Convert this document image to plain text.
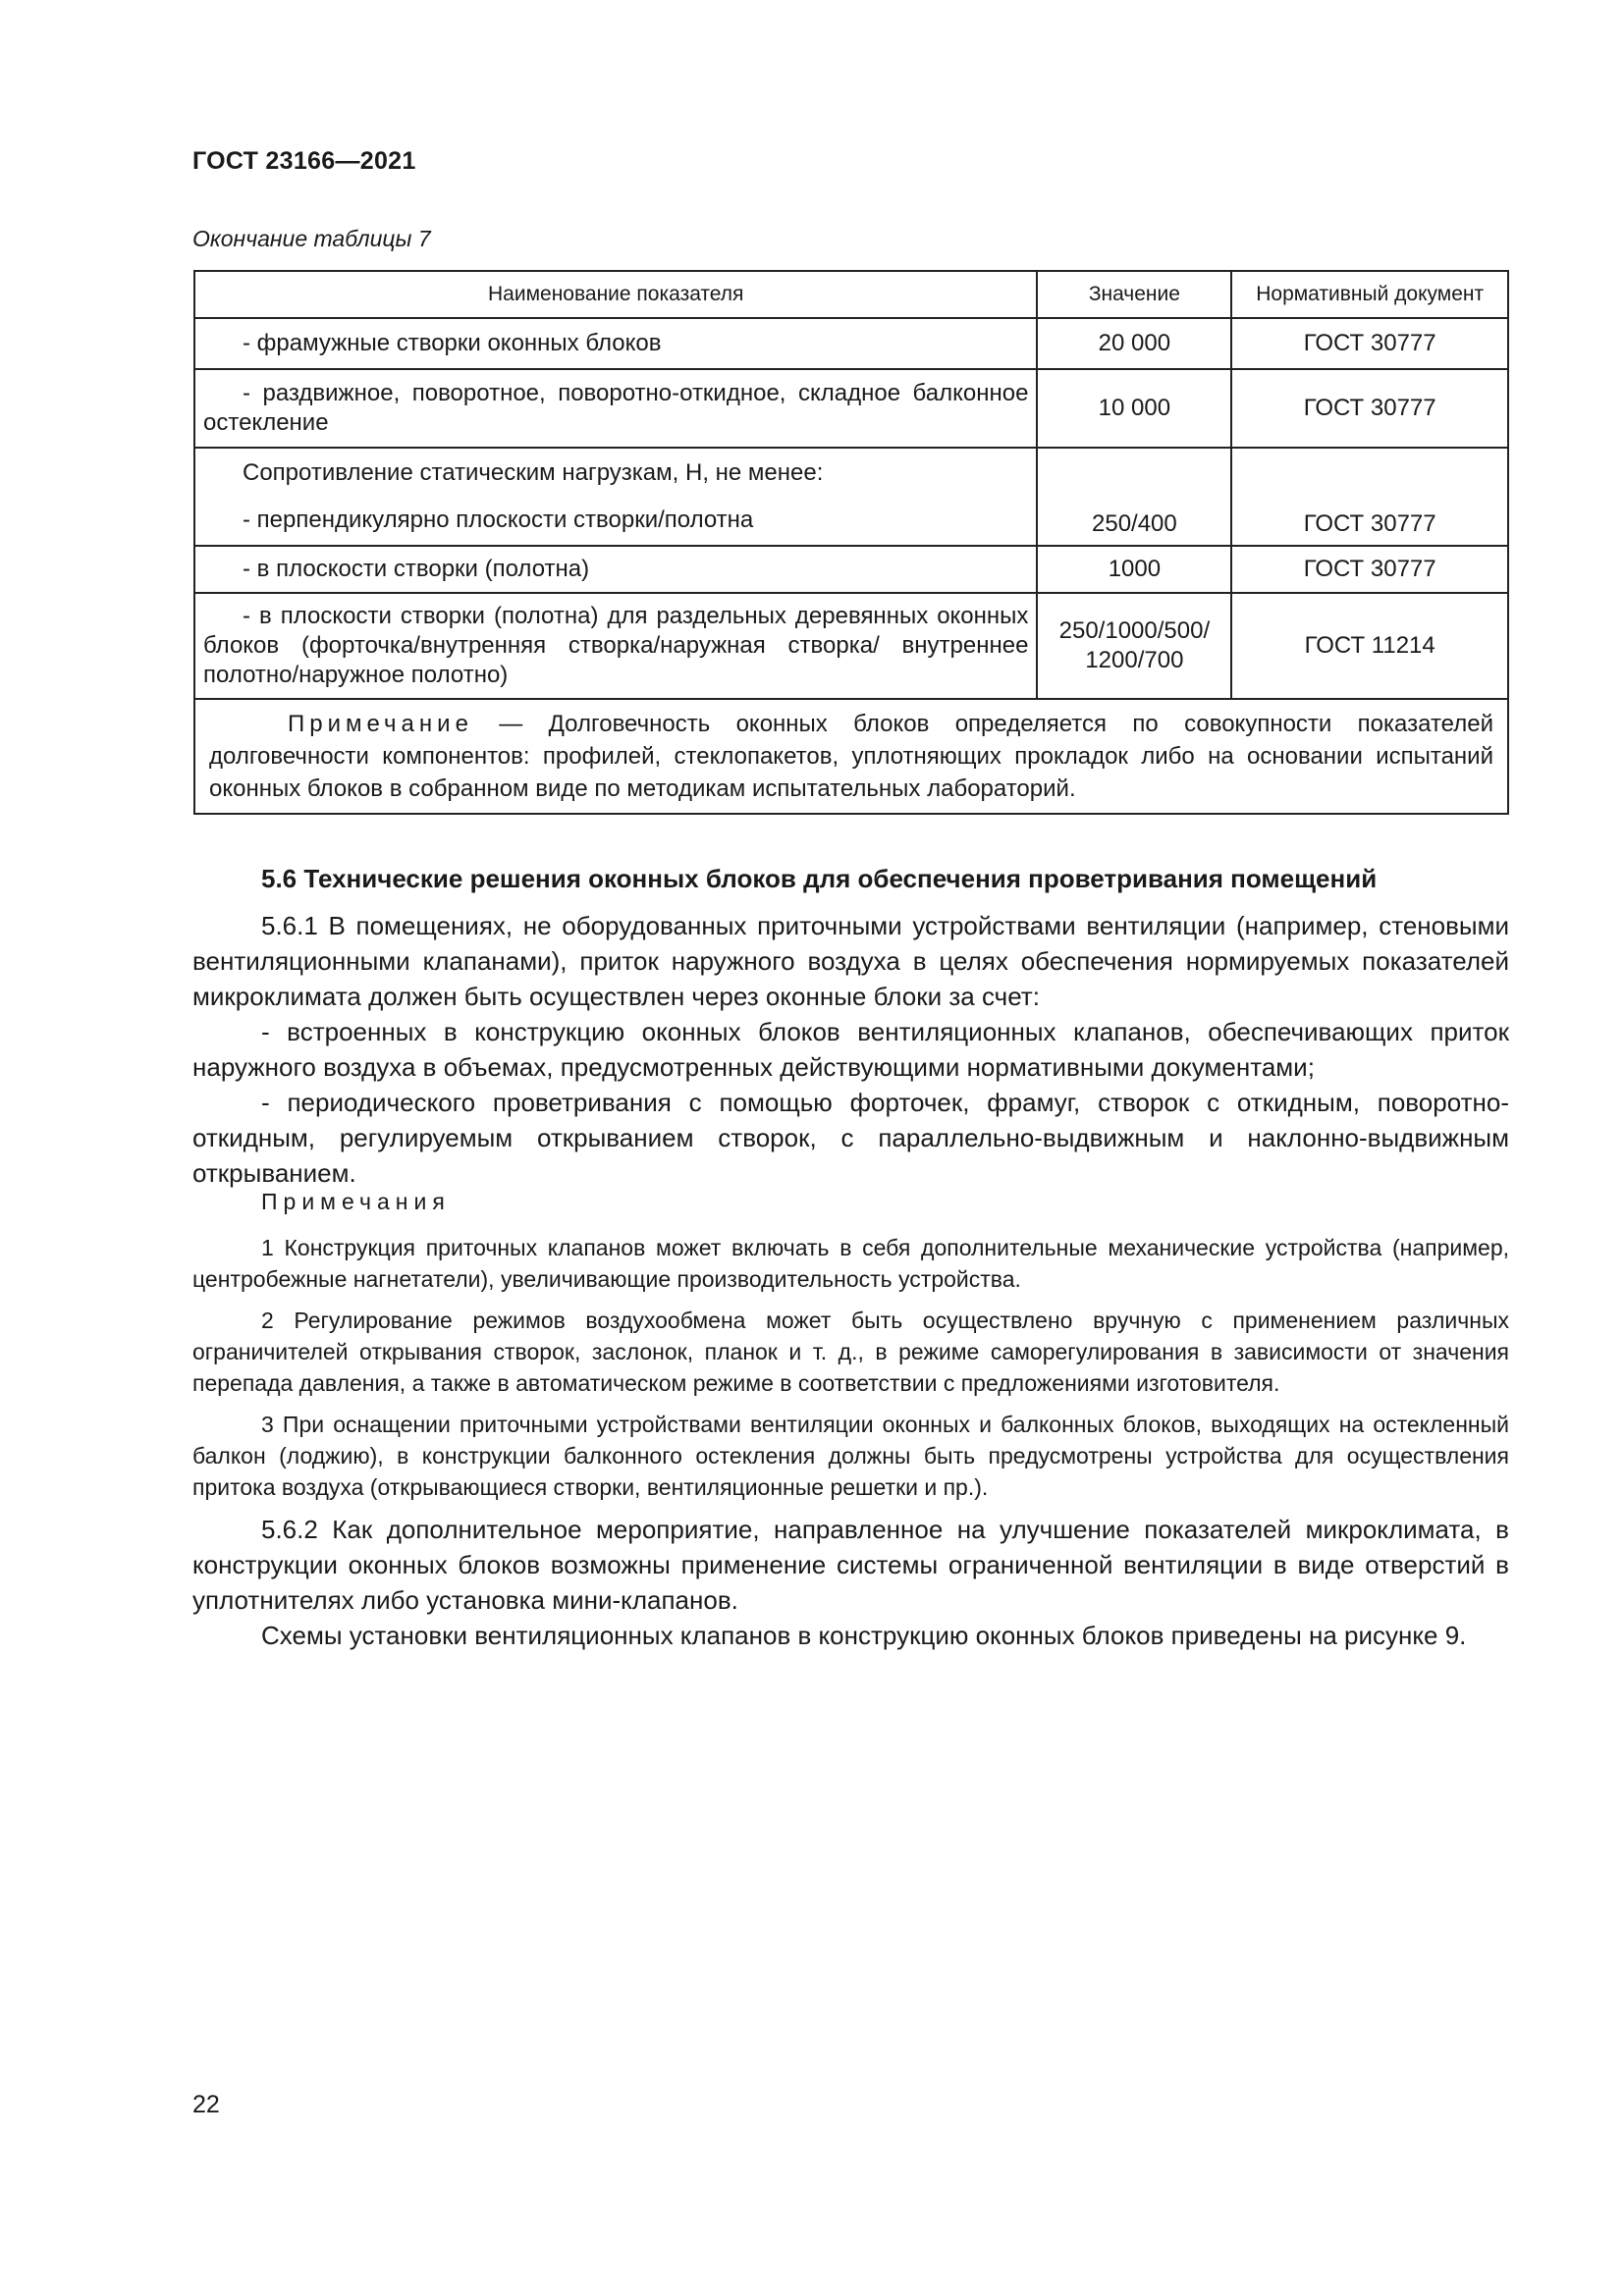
ГОСТ 23166—2021
Окончание таблицы 7
Наименование показателя	Значение	Нормативный документ
- фрамужные створки оконных блоков	20 000	ГОСТ 30777

- раздвижное, поворотное, поворотно-откидное, складное балконное остекление	10 000	ГОСТ 30777

Сопротивление статическим нагрузкам, Н, не менее:
- перпендикулярно плоскости створки/полотна	250/400	ГОСТ 30777
- в плоскости створки (полотна)	1000	ГОСТ 30777

- в плоскости створки (полотна) для раздельных деревянных оконных блоков (форточка/внутренняя створка/наружная створка/ внутреннее полотно/наружное полотно)	250/1000/500/ 1200/700	ГОСТ 11214
Примечание — Долговечность оконных блоков определяется по совокупности показателей долговечности компонентов: профилей, стеклопакетов, уплотняющих прокладок либо на основании испытаний оконных блоков в собранном виде по методикам испытательных лабораторий.		
5.6 Технические решения оконных блоков для обеспечения проветривания помещений

5.6.1 В помещениях, не оборудованных приточными устройствами вентиляции (например, стеновыми вентиляционными клапанами), приток наружного воздуха в целях обеспечения нормируемых показателей микроклимата должен быть осуществлен через оконные блоки за счет:

- встроенных в конструкцию оконных блоков вентиляционных клапанов, обеспечивающих приток наружного воздуха в объемах, предусмотренных действующими нормативными документами;

- периодического проветривания с помощью форточек, фрамуг, створок с откидным, поворотно-откидным, регулируемым открыванием створок, с параллельно-выдвижным и наклонно-выдвижным открыванием.

Примечания

1 Конструкция приточных клапанов может включать в себя дополнительные механические устройства (например, центробежные нагнетатели), увеличивающие производительность устройства.

2 Регулирование режимов воздухообмена может быть осуществлено вручную с применением различных ограничителей открывания створок, заслонок, планок и т. д., в режиме саморегулирования в зависимости от значения перепада давления, а также в автоматическом режиме в соответствии с предложениями изготовителя.

3 При оснащении приточными устройствами вентиляции оконных и балконных блоков, выходящих на остекленный балкон (лоджию), в конструкции балконного остекления должны быть предусмотрены устройства для осуществления притока воздуха (открывающиеся створки, вентиляционные решетки и пр.).

5.6.2 Как дополнительное мероприятие, направленное на улучшение показателей микроклимата, в конструкции оконных блоков возможны применение системы ограниченной вентиляции в виде отверстий в уплотнителях либо установка мини-клапанов.

Схемы установки вентиляционных клапанов в конструкцию оконных блоков приведены на рисунке 9.

22
